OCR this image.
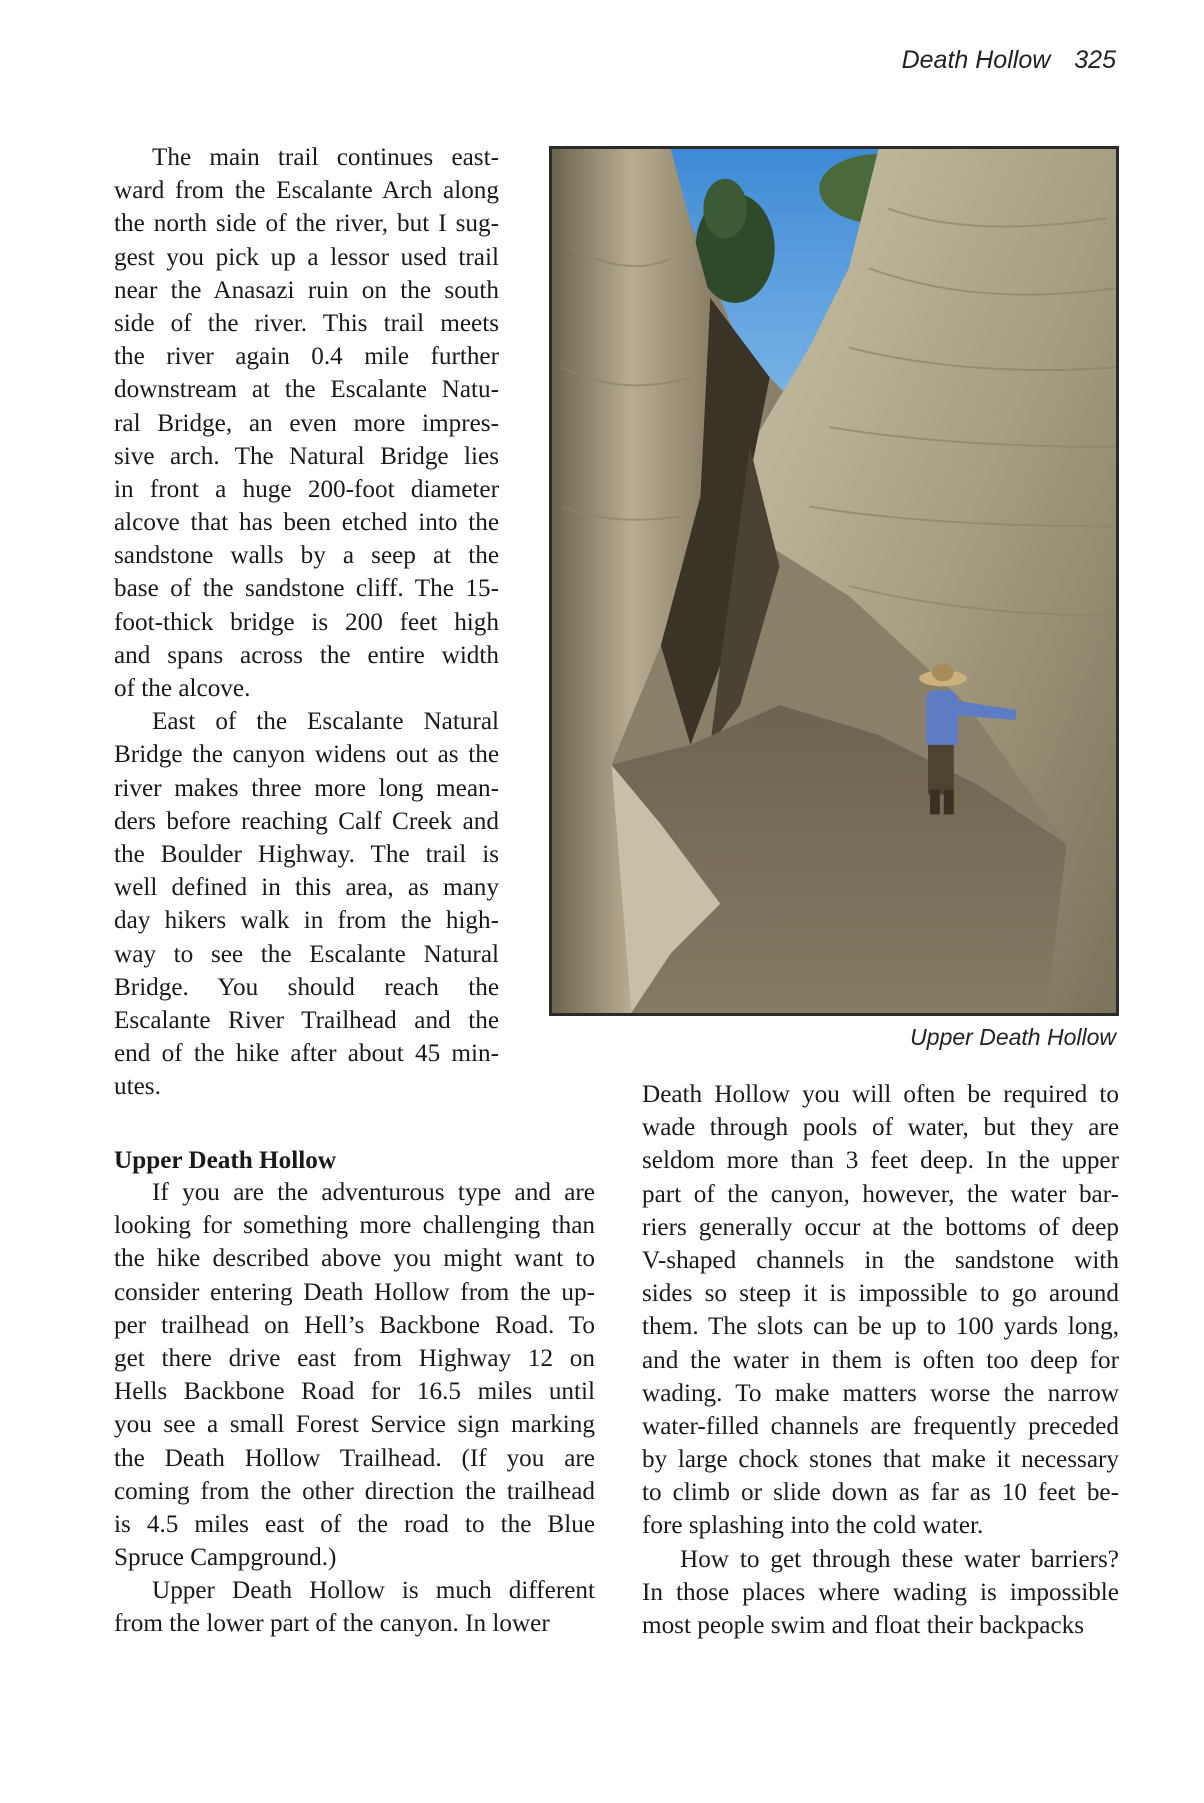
Death Hollow 325
The main trail continues east-
ward from the Escalante Arch along
the north side of the river, but I sug-
gest you pick up a lessor used trail
near the Anasazi ruin on the south
side of the river. This trail meets
the river again 0.4 mile further
downstream at the Escalante Natu-
ral Bridge, an even more impres-
sive arch. The Natural Bridge lies
in front a huge 200-foot diameter
alcove that has been etched into the
sandstone walls by a seep at the
base of the sandstone cliff. The 15-
foot-thick bridge is 200 feet high
and spans across the entire width
of the alcove.
East of the Escalante Natural
Bridge the canyon widens out as the
river makes three more long mean-
ders before reaching Calf Creek and
the Boulder Highway. The trail is
well defined in this area, as many
day hikers walk in from the high-
way to see the Escalante Natural
Bridge. You should reach the
Escalante River Trailhead and the
end of the hike after about 45 min-
utes.
Upper Death Hollow
Upper Death Hollow
If you are the adventurous type and are
looking for something more challenging than
the hike described above you might want to
consider entering Death Hollow from the up-
per trailhead on Hell’s Backbone Road. To
get there drive east from Highway 12 on
Hells Backbone Road for 16.5 miles until
you see a small Forest Service sign marking
the Death Hollow Trailhead. (If you are
coming from the other direction the trailhead
is 4.5 miles east of the road to the Blue
Spruce Campground.)
Upper Death Hollow is much different
from the lower part of the canyon. In lower
Death Hollow you will often be required to
wade through pools of water, but they are
seldom more than 3 feet deep. In the upper
part of the canyon, however, the water bar-
riers generally occur at the bottoms of deep
V-shaped channels in the sandstone with
sides so steep it is impossible to go around
them. The slots can be up to 100 yards long,
and the water in them is often too deep for
wading. To make matters worse the narrow
water-filled channels are frequently preceded
by large chock stones that make it necessary
to climb or slide down as far as 10 feet be-
fore splashing into the cold water.
How to get through these water barriers?
In those places where wading is impossible
most people swim and float their backpacks
